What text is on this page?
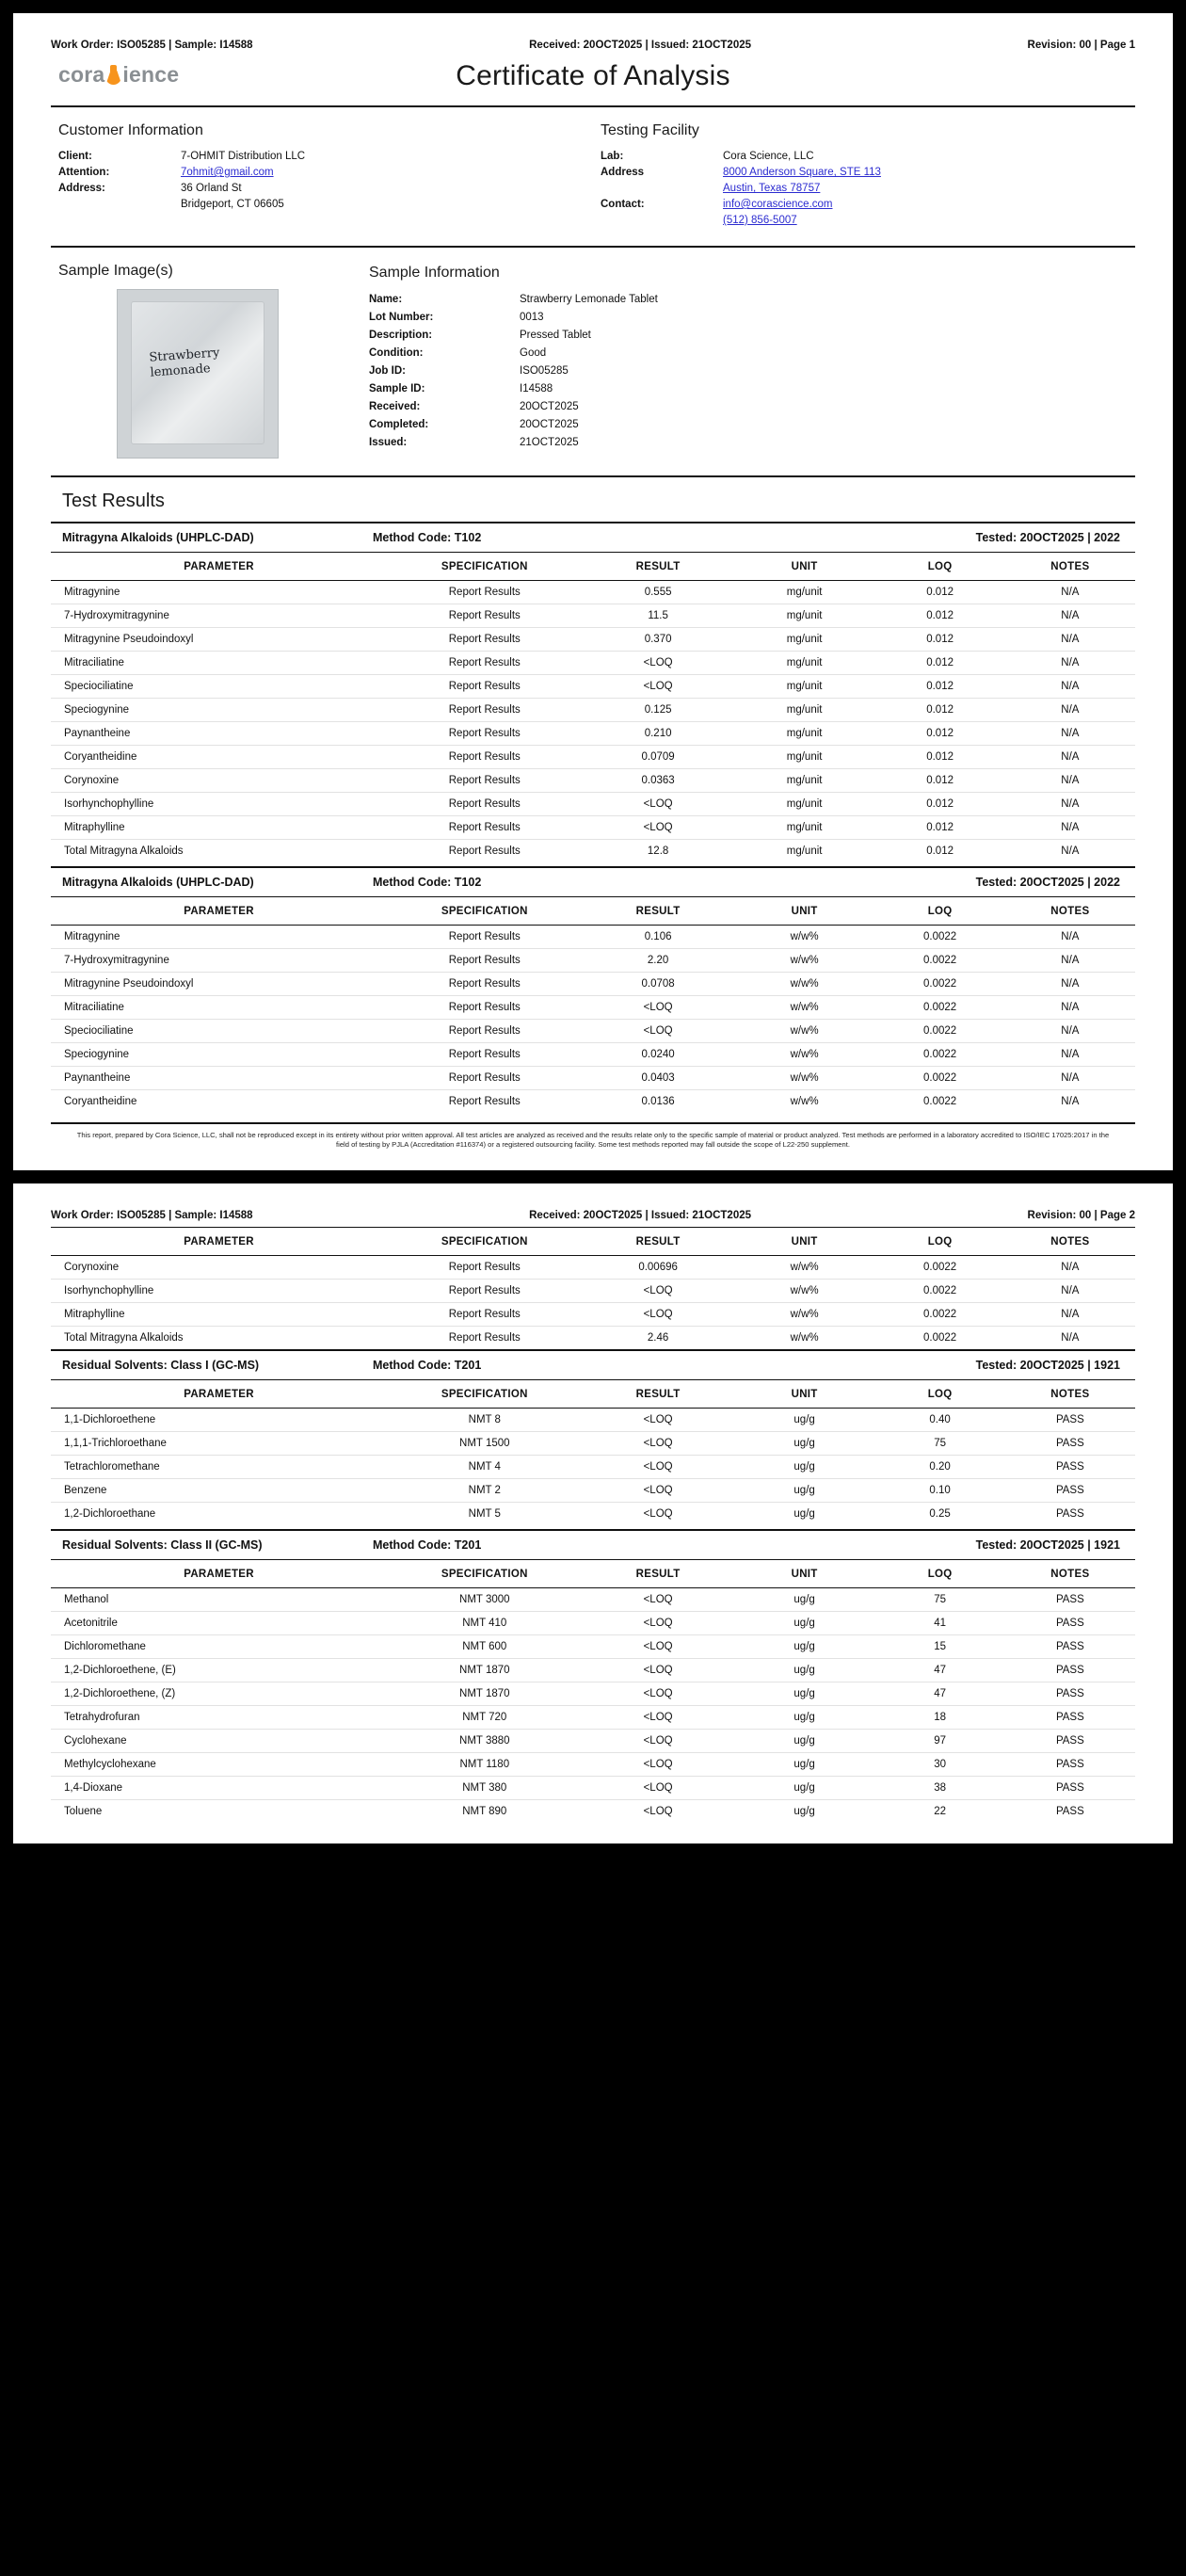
Work Order: ISO05285 | Sample: I14588	Received: 20OCT2025 | Issued: 21OCT2025	Revision: 00 | Page 1
cora ience	Certificate of Analysis
Customer Information
Client:	7-OHMIT Distribution LLC
Attention:	7ohmit@gmail.com
Address:	36 Orland St
Bridgeport, CT 06605
Testing Facility
Lab:	Cora Science, LLC
Address	8000 Anderson Square, STE 113
Austin, Texas 78757
Contact:	info@corascience.com
(512) 856-5007
Sample Image(s)
Strawberry
lemonade
Sample Information
Name:	Strawberry Lemonade Tablet
Lot Number:	0013
Description:	Pressed Tablet
Condition:	Good
Job ID:	ISO05285
Sample ID:	I14588
Received:	20OCT2025
Completed:	20OCT2025
Issued:	21OCT2025
Test Results
Mitragyna Alkaloids (UHPLC-DAD)	Method Code: T102	Tested: 20OCT2025 | 2022
PARAMETER	SPECIFICATION	RESULT	UNIT	LOQ	NOTES
Mitragynine	Report Results	0.555	mg/unit	0.012	N/A
7-Hydroxymitragynine	Report Results	11.5	mg/unit	0.012	N/A
Mitragynine Pseudoindoxyl	Report Results	0.370	mg/unit	0.012	N/A
Mitraciliatine	Report Results	<LOQ	mg/unit	0.012	N/A
Speciociliatine	Report Results	<LOQ	mg/unit	0.012	N/A
Speciogynine	Report Results	0.125	mg/unit	0.012	N/A
Paynantheine	Report Results	0.210	mg/unit	0.012	N/A
Coryantheidine	Report Results	0.0709	mg/unit	0.012	N/A
Corynoxine	Report Results	0.0363	mg/unit	0.012	N/A
Isorhynchophylline	Report Results	<LOQ	mg/unit	0.012	N/A
Mitraphylline	Report Results	<LOQ	mg/unit	0.012	N/A
Total Mitragyna Alkaloids	Report Results	12.8	mg/unit	0.012	N/A
Mitragyna Alkaloids (UHPLC-DAD)	Method Code: T102	Tested: 20OCT2025 | 2022
PARAMETER	SPECIFICATION	RESULT	UNIT	LOQ	NOTES
Mitragynine	Report Results	0.106	w/w%	0.0022	N/A
7-Hydroxymitragynine	Report Results	2.20	w/w%	0.0022	N/A
Mitragynine Pseudoindoxyl	Report Results	0.0708	w/w%	0.0022	N/A
Mitraciliatine	Report Results	<LOQ	w/w%	0.0022	N/A
Speciociliatine	Report Results	<LOQ	w/w%	0.0022	N/A
Speciogynine	Report Results	0.0240	w/w%	0.0022	N/A
Paynantheine	Report Results	0.0403	w/w%	0.0022	N/A
Coryantheidine	Report Results	0.0136	w/w%	0.0022	N/A
This report, prepared by Cora Science, LLC, shall not be reproduced except in its entirety without prior written approval. All test articles are analyzed as received and the results relate only to the specific sample of material or product analyzed. Test methods are performed in a laboratory accredited to ISO/IEC 17025:2017 in the field of testing by PJLA (Accreditation #116374) or a registered outsourcing facility. Some test methods reported may fall outside the scope of L22-250 supplement.
Work Order: ISO05285 | Sample: I14588	Received: 20OCT2025 | Issued: 21OCT2025	Revision: 00 | Page 2
PARAMETER	SPECIFICATION	RESULT	UNIT	LOQ	NOTES
Corynoxine	Report Results	0.00696	w/w%	0.0022	N/A
Isorhynchophylline	Report Results	<LOQ	w/w%	0.0022	N/A
Mitraphylline	Report Results	<LOQ	w/w%	0.0022	N/A
Total Mitragyna Alkaloids	Report Results	2.46	w/w%	0.0022	N/A
Residual Solvents: Class I (GC-MS)	Method Code: T201	Tested: 20OCT2025 | 1921
PARAMETER	SPECIFICATION	RESULT	UNIT	LOQ	NOTES
1,1-Dichloroethene	NMT 8	<LOQ	ug/g	0.40	PASS
1,1,1-Trichloroethane	NMT 1500	<LOQ	ug/g	75	PASS
Tetrachloromethane	NMT 4	<LOQ	ug/g	0.20	PASS
Benzene	NMT 2	<LOQ	ug/g	0.10	PASS
1,2-Dichloroethane	NMT 5	<LOQ	ug/g	0.25	PASS
Residual Solvents: Class II (GC-MS)	Method Code: T201	Tested: 20OCT2025 | 1921
PARAMETER	SPECIFICATION	RESULT	UNIT	LOQ	NOTES
Methanol	NMT 3000	<LOQ	ug/g	75	PASS
Acetonitrile	NMT 410	<LOQ	ug/g	41	PASS
Dichloromethane	NMT 600	<LOQ	ug/g	15	PASS
1,2-Dichloroethene, (E)	NMT 1870	<LOQ	ug/g	47	PASS
1,2-Dichloroethene, (Z)	NMT 1870	<LOQ	ug/g	47	PASS
Tetrahydrofuran	NMT 720	<LOQ	ug/g	18	PASS
Cyclohexane	NMT 3880	<LOQ	ug/g	97	PASS
Methylcyclohexane	NMT 1180	<LOQ	ug/g	30	PASS
1,4-Dioxane	NMT 380	<LOQ	ug/g	38	PASS
Toluene	NMT 890	<LOQ	ug/g	22	PASS
